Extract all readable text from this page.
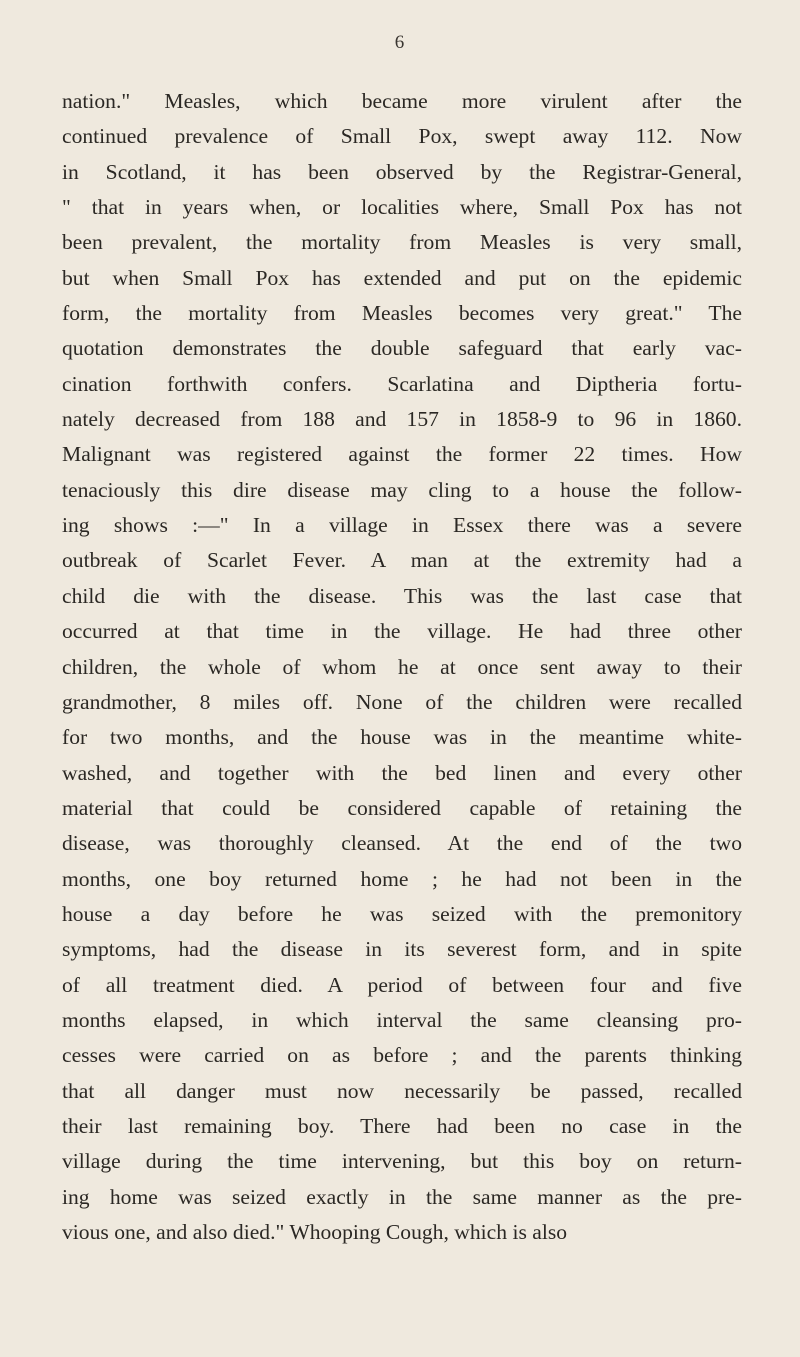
6
nation." Measles, which became more virulent after the
continued prevalence of Small Pox, swept away 112. Now
in Scotland, it has been observed by the Registrar-General,
" that in years when, or localities where, Small Pox has not
been prevalent, the mortality from Measles is very small,
but when Small Pox has extended and put on the epidemic
form, the mortality from Measles becomes very great." The
quotation demonstrates the double safeguard that early vac-
cination forthwith confers. Scarlatina and Diptheria fortu-
nately decreased from 188 and 157 in 1858-9 to 96 in 1860.
Malignant was registered against the former 22 times. How
tenaciously this dire disease may cling to a house the follow-
ing shows :—" In a village in Essex there was a severe
outbreak of Scarlet Fever. A man at the extremity had a
child die with the disease. This was the last case that
occurred at that time in the village. He had three other
children, the whole of whom he at once sent away to their
grandmother, 8 miles off. None of the children were recalled
for two months, and the house was in the meantime white-
washed, and together with the bed linen and every other
material that could be considered capable of retaining the
disease, was thoroughly cleansed. At the end of the two
months, one boy returned home ; he had not been in the
house a day before he was seized with the premonitory
symptoms, had the disease in its severest form, and in spite
of all treatment died. A period of between four and five
months elapsed, in which interval the same cleansing pro-
cesses were carried on as before ; and the parents thinking
that all danger must now necessarily be passed, recalled
their last remaining boy. There had been no case in the
village during the time intervening, but this boy on return-
ing home was seized exactly in the same manner as the pre-
vious one, and also died." Whooping Cough, which is also
